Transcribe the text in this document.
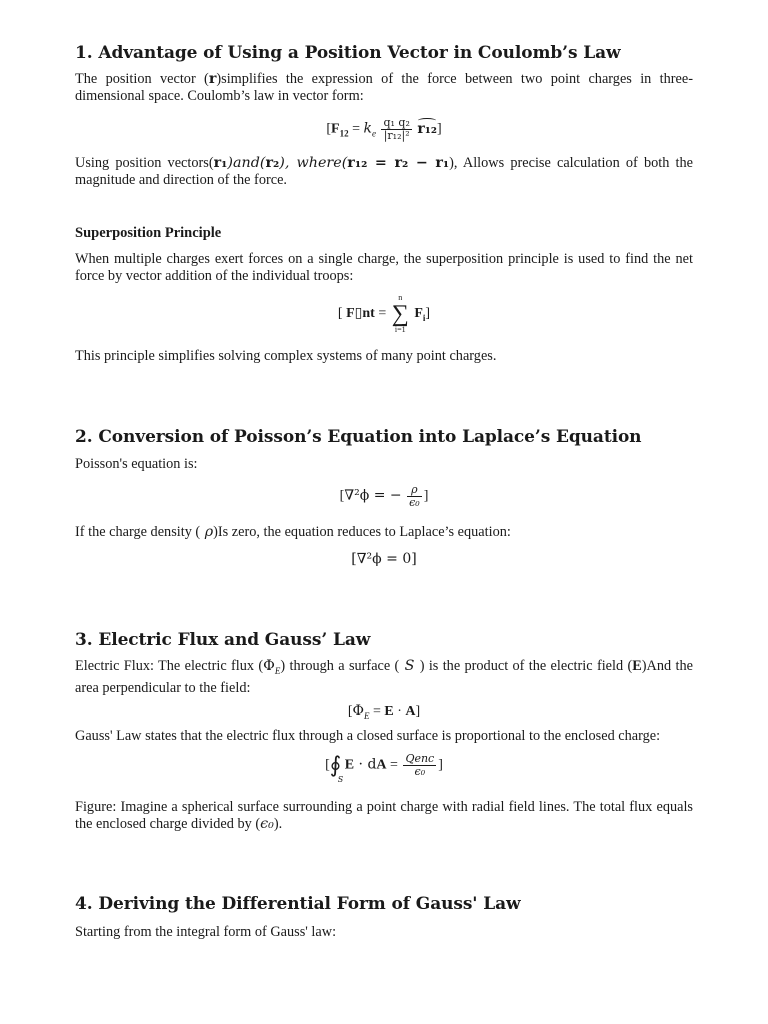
1. Advantage of Using a Position Vector in Coulomb’s Law

The position vector (r)simplifies the expression of the force between two point charges in three-dimensional space. Coulomb’s law in vector form:

$[F_{12} = k_e \frac{\text{q₁ q₂}}{\text{|r₁₂|²}} r_{12}]$

Using position vectors(r₁)and(r₂), where(r₁₂ = r₂ − r₁), Allows precise calculation of both the magnitude and direction of the force.

Superposition Principle

When multiple charges exert forces on a single charge, the superposition principle is used to find the net force by vector addition of the individual troops:

[ F▯nt =
n
∑
i=1
$F_i$]

This principle simplifies solving complex systems of many point charges.

2. Conversion of Poisson’s Equation into Laplace’s Equation

Poisson's equation is:

[∇²ϕ = − $\frac{\rho}{\text{ϵ₀}}$ ]

If the charge density ( ρ)Is zero, the equation reduces to Laplace’s equation:

[∇²ϕ = 0]
3. Electric Flux and Gauss’ Law

Electric Flux: The electric flux $(\Phi_E)$ through a surface ( S ) is the product of the electric field (E)And the area perpendicular to the field:

$[\Phi_E = E \cdot A]$

Gauss' Law states that the electric flux through a closed surface is proportional to the enclosed charge:

[∮
S
E · dA = $\frac{\text{Qenc}}{\text{ϵ₀}}$ ]

Figure: Imagine a spherical surface surrounding a point charge with radial field lines. The total flux equals the enclosed charge divided by (ϵ₀).

4. Deriving the Differential Form of Gauss' Law

Starting from the integral form of Gauss' law:
